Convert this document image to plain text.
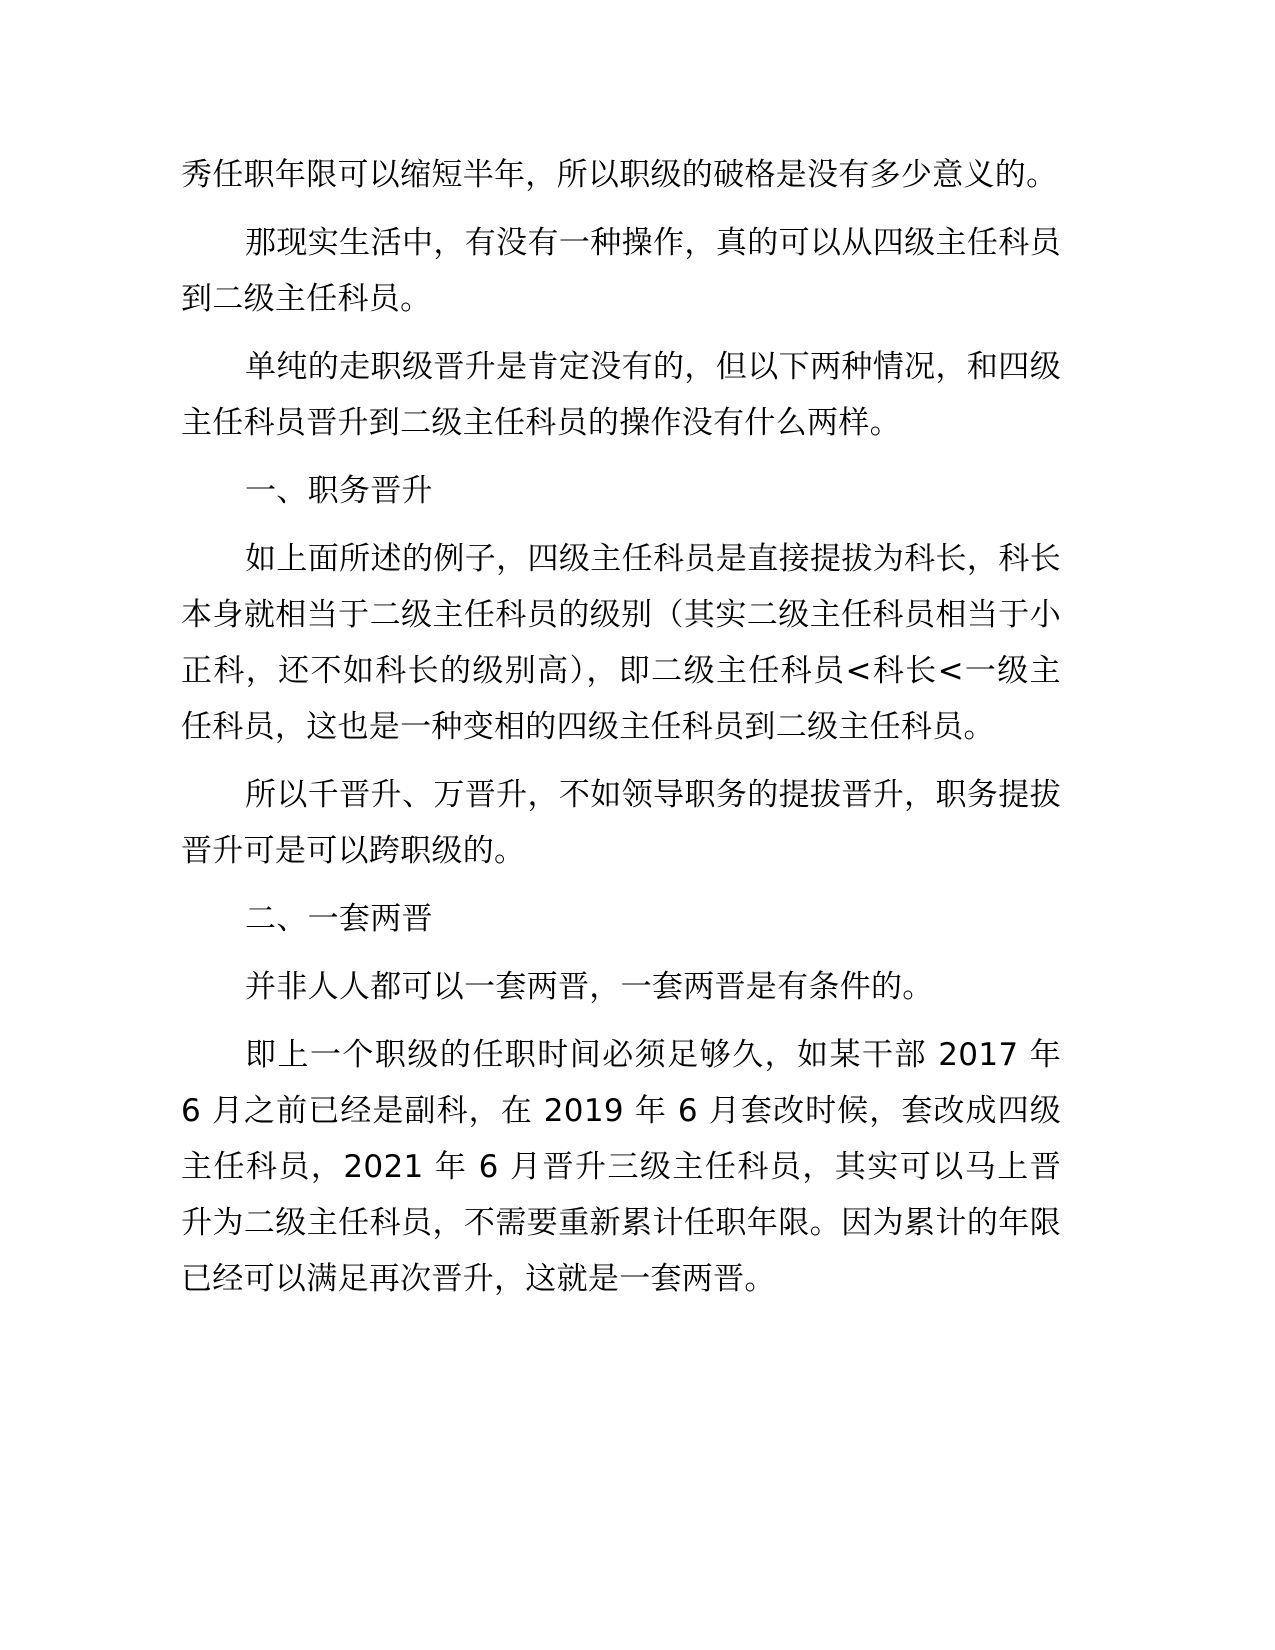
秀任职年限可以缩短半年，所以职级的破格是没有多少意义的。

那现实生活中，有没有一种操作，真的可以从四级主任科员到二级主任科员。

单纯的走职级晋升是肯定没有的，但以下两种情况，和四级主任科员晋升到二级主任科员的操作没有什么两样。

一、职务晋升

如上面所述的例子，四级主任科员是直接提拔为科长，科长本身就相当于二级主任科员的级别（其实二级主任科员相当于小正科，还不如科长的级别高），即二级主任科员<科长<一级主任科员，这也是一种变相的四级主任科员到二级主任科员。

所以千晋升、万晋升，不如领导职务的提拔晋升，职务提拔晋升可是可以跨职级的。

二、一套两晋

并非人人都可以一套两晋，一套两晋是有条件的。

即上一个职级的任职时间必须足够久，如某干部 2017 年 6 月之前已经是副科，在 2019 年 6 月套改时候，套改成四级主任科员，2021 年 6 月晋升三级主任科员，其实可以马上晋升为二级主任科员，不需要重新累计任职年限。因为累计的年限已经可以满足再次晋升，这就是一套两晋。
